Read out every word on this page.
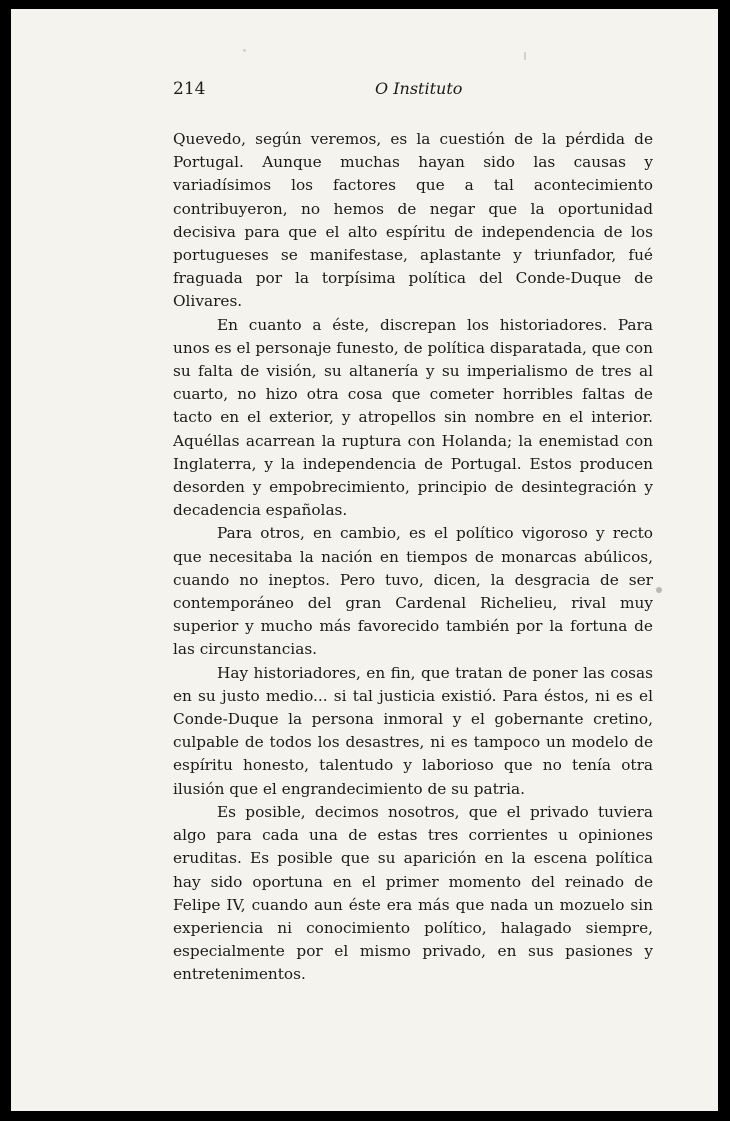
214	O Instituto

Quevedo, según veremos, es la cuestión de la pérdida de Portugal. Aunque muchas hayan sido las causas y variadísimos los factores que a tal acontecimiento contribuyeron, no hemos de negar que la oportunidad decisiva para que el alto espíritu de independencia de los portugueses se manifestase, aplastante y triunfador, fué fraguada por la torpísima política del Conde-Duque de Olivares.

En cuanto a éste, discrepan los historiadores. Para unos es el personaje funesto, de política disparatada, que con su falta de visión, su altanería y su imperialismo de tres al cuarto, no hizo otra cosa que cometer horribles faltas de tacto en el exterior, y atropellos sin nombre en el interior. Aquéllas acarrean la ruptura con Holanda; la enemistad con Inglaterra, y la independencia de Portugal. Estos producen desorden y empobrecimiento, principio de desintegración y decadencia españolas.

Para otros, en cambio, es el político vigoroso y recto que necesitaba la nación en tiempos de monarcas abúlicos, cuando no ineptos. Pero tuvo, dicen, la desgracia de ser contemporáneo del gran Cardenal Richelieu, rival muy superior y mucho más favorecido también por la fortuna de las circunstancias.

Hay historiadores, en fin, que tratan de poner las cosas en su justo medio... si tal justicia existió. Para éstos, ni es el Conde-Duque la persona inmoral y el gobernante cretino, culpable de todos los desastres, ni es tampoco un modelo de espíritu honesto, talentudo y laborioso que no tenía otra ilusión que el engrandecimiento de su patria.

Es posible, decimos nosotros, que el privado tuviera algo para cada una de estas tres corrientes u opiniones eruditas. Es posible que su aparición en la escena política hay sido oportuna en el primer momento del reinado de Felipe IV, cuando aun éste era más que nada un mozuelo sin experiencia ni conocimiento político, halagado siempre, especialmente por el mismo privado, en sus pasiones y entretenimentos.
